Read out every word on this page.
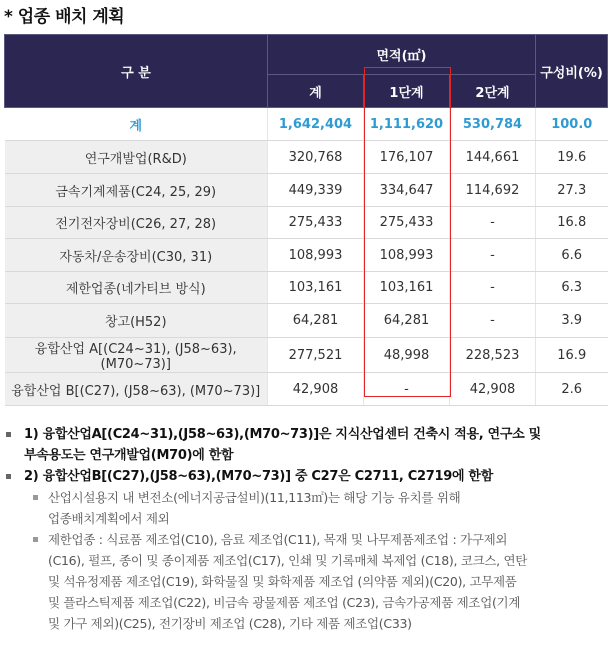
* 업종 배치 계획
구 분	면적(㎡)			구성비(%)
	계	1단계	2단계	
계	1,642,404	1,111,620	530,784	100.0
연구개발업(R&D)	320,768	176,107	144,661	19.6
금속기계제품(C24, 25, 29)	449,339	334,647	114,692	27.3
전기전자장비(C26, 27, 28)	275,433	275,433	-	16.8
자동차/운송장비(C30, 31)	108,993	108,993	-	6.6
제한업종(네가티브 방식)	103,161	103,161	-	6.3
창고(H52)	64,281	64,281	-	3.9
융합산업 A[(C24~31), (J58~63), (M70~73)]	277,521	48,998	228,523	16.9
융합산업 B[(C27), (J58~63), (M70~73)]	42,908	-	42,908	2.6
1) 융합산업A[(C24~31),(J58~63),(M70~73)]은 지식산업센터 건축시 적용, 연구소 및
부속용도는 연구개발업(M70)에 한함
2) 융합산업B[(C27),(J58~63),(M70~73)] 중 C27은 C2711, C2719에 한함
산업시설용지 내 변전소(에너지공급설비)(11,113㎡)는 해당 기능 유치를 위해
업종배치계획에서 제외
제한업종 : 식료품 제조업(C10), 음료 제조업(C11), 목재 및 나무제품제조업 : 가구제외
(C16), 펄프, 종이 및 종이제품 제조업(C17), 인쇄 및 기록매체 복제업 (C18), 코크스, 연탄
및 석유정제품 제조업(C19), 화학물질 및 화학제품 제조업 (의약품 제외)(C20), 고무제품
및 플라스틱제품 제조업(C22), 비금속 광물제품 제조업 (C23), 금속가공제품 제조업(기계
및 가구 제외)(C25), 전기장비 제조업 (C28), 기타 제품 제조업(C33)
